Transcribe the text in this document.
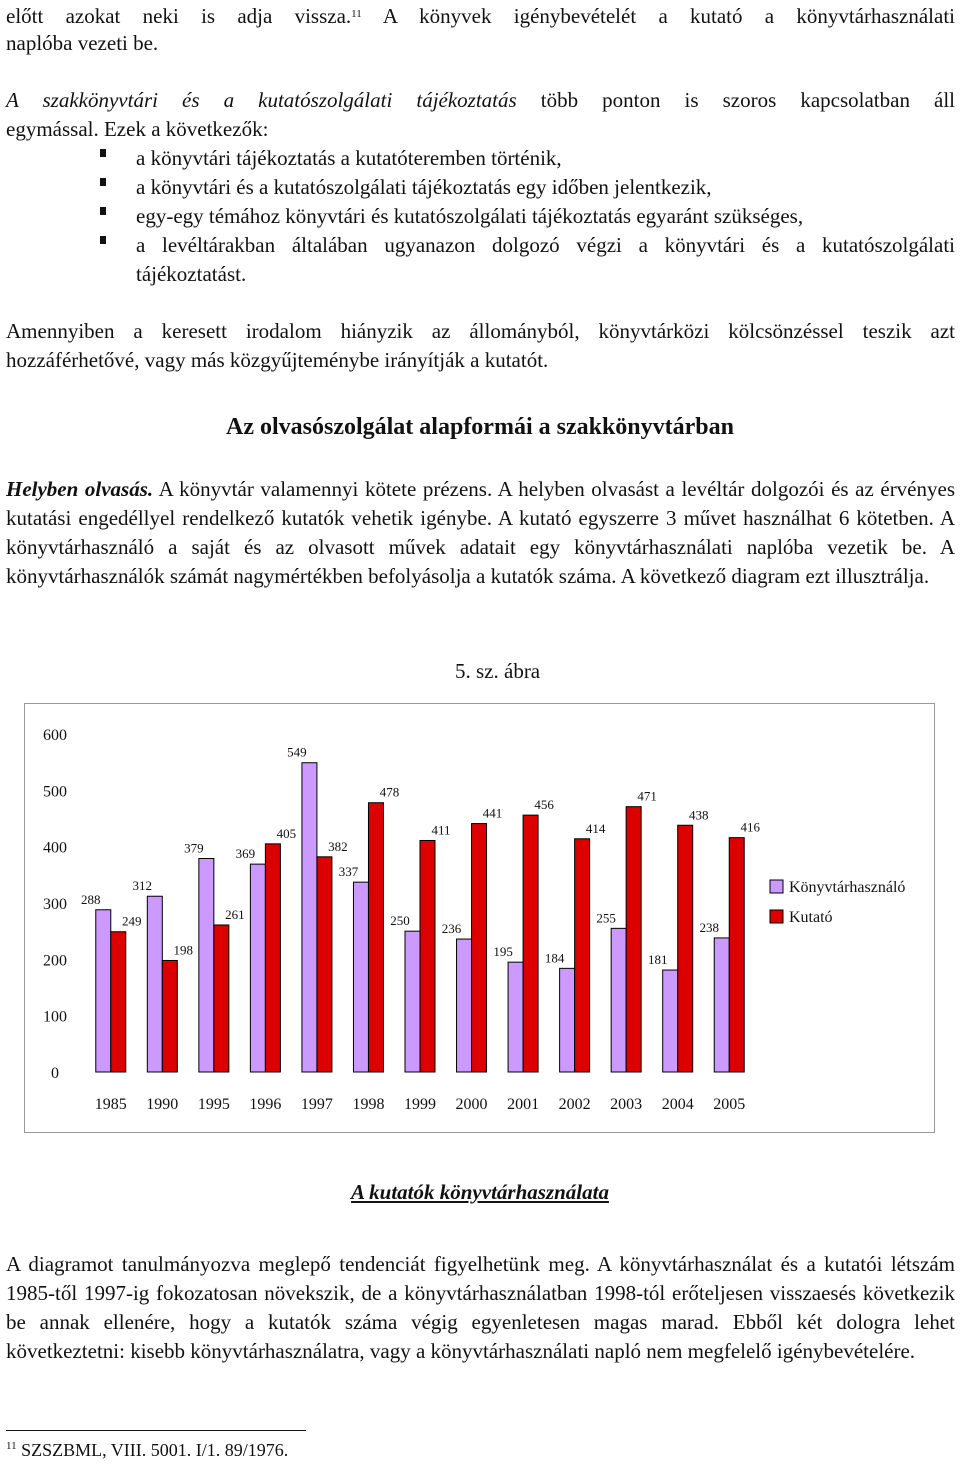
előtt azokat neki is adja vissza.$^{11}$ A könyvek igénybevételét a kutató a könyvtárhasználati
naplóba vezeti be.
A szakkönyvtári és a kutatószolgálati tájékoztatás több ponton is szoros kapcsolatban áll
egymással. Ezek a következők:
a könyvtári tájékoztatás a kutatóteremben történik,
a könyvtári és a kutatószolgálati tájékoztatás egy időben jelentkezik,
egy-egy témához könyvtári és kutatószolgálati tájékoztatás egyaránt szükséges,
a levéltárakban általában ugyanazon dolgozó végzi a könyvtári és a kutatószolgálati tájékoztatást.
Amennyiben a keresett irodalom hiányzik az állományból, könyvtárközi kölcsönzéssel teszik azt hozzáférhetővé, vagy más közgyűjteménybe irányítják a kutatót.
Az olvasószolgálat alapformái a szakkönyvtárban
Helyben olvasás. A könyvtár valamennyi kötete prézens. A helyben olvasást a levéltár dolgozói és az érvényes kutatási engedéllyel rendelkező kutatók vehetik igénybe. A kutató egyszerre 3 művet használhat 6 kötetben. A könyvtárhasználó a saját és az olvasott művek adatait egy könyvtárhasználati naplóba vezetik be. A könyvtárhasználók számát nagymértékben befolyásolja a kutatók száma. A következő diagram ezt illusztrálja.
5. sz. ábra
0
100
200
300
400
500
600
288
249
1985
312
198
1990
379
261
1995
369
405
1996
549
382
1997
337
478
1998
250
411
1999
236
441
2000
195
456
2001
184
414
2002
255
471
2003
181
438
2004
238
416
2005
Könyvtárhasználó
Kutató
A kutatók könyvtárhasználata
A diagramot tanulmányozva meglepő tendenciát figyelhetünk meg. A könyvtárhasználat és a kutatói létszám 1985-től 1997-ig fokozatosan növekszik, de a könyvtárhasználatban 1998-tól erőteljesen visszaesés következik be annak ellenére, hogy a kutatók száma végig egyenletesen magas marad. Ebből két dologra lehet következtetni: kisebb könyvtárhasználatra, vagy a könyvtárhasználati napló nem megfelelő igénybevételére.
$^{11}$ SZSZBML, VIII. 5001. I/1. 89/1976.
